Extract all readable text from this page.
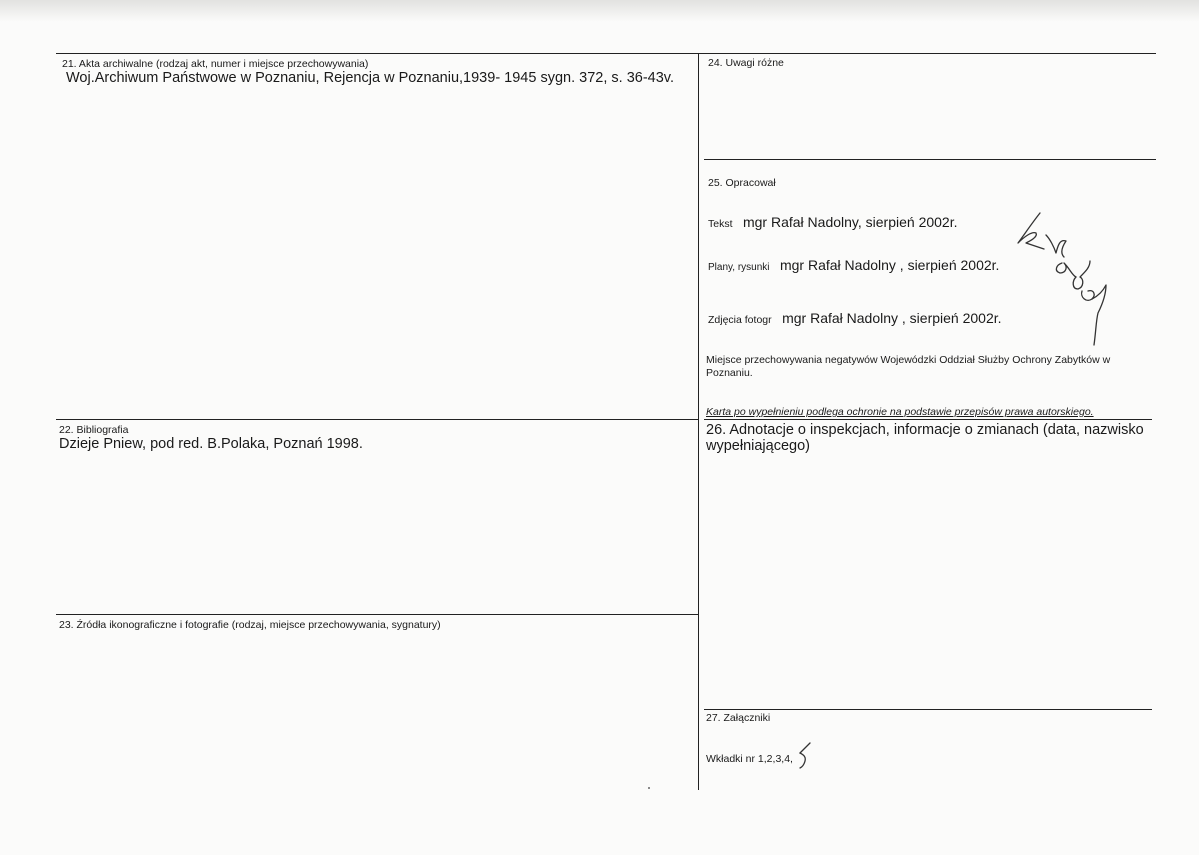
21. Akta archiwalne (rodzaj akt, numer i miejsce przechowywania)
Woj.Archiwum Państwowe w Poznaniu, Rejencja w Poznaniu,1939- 1945 sygn. 372, s. 36-43v.
22. Bibliografia
Dzieje Pniew, pod red. B.Polaka, Poznań 1998.
23. Źródła ikonograficzne i fotografie (rodzaj, miejsce przechowywania, sygnatury)
24. Uwagi różne
25. Opracował
Tekst mgr Rafał Nadolny, sierpień 2002r.
Plany, rysunki mgr Rafał Nadolny , sierpień 2002r.
Zdjęcia fotogr mgr Rafał Nadolny , sierpień 2002r.
Miejsce przechowywania negatywów Wojewódzki Oddział Służby Ochrony Zabytków w
Poznaniu.
Karta po wypełnieniu podlega ochronie na podstawie przepisów prawa autorskiego.
26. Adnotacje o inspekcjach, informacje o zmianach (data, nazwisko wypełniającego)
27. Załączniki
Wkładki nr 1,2,3,4,
